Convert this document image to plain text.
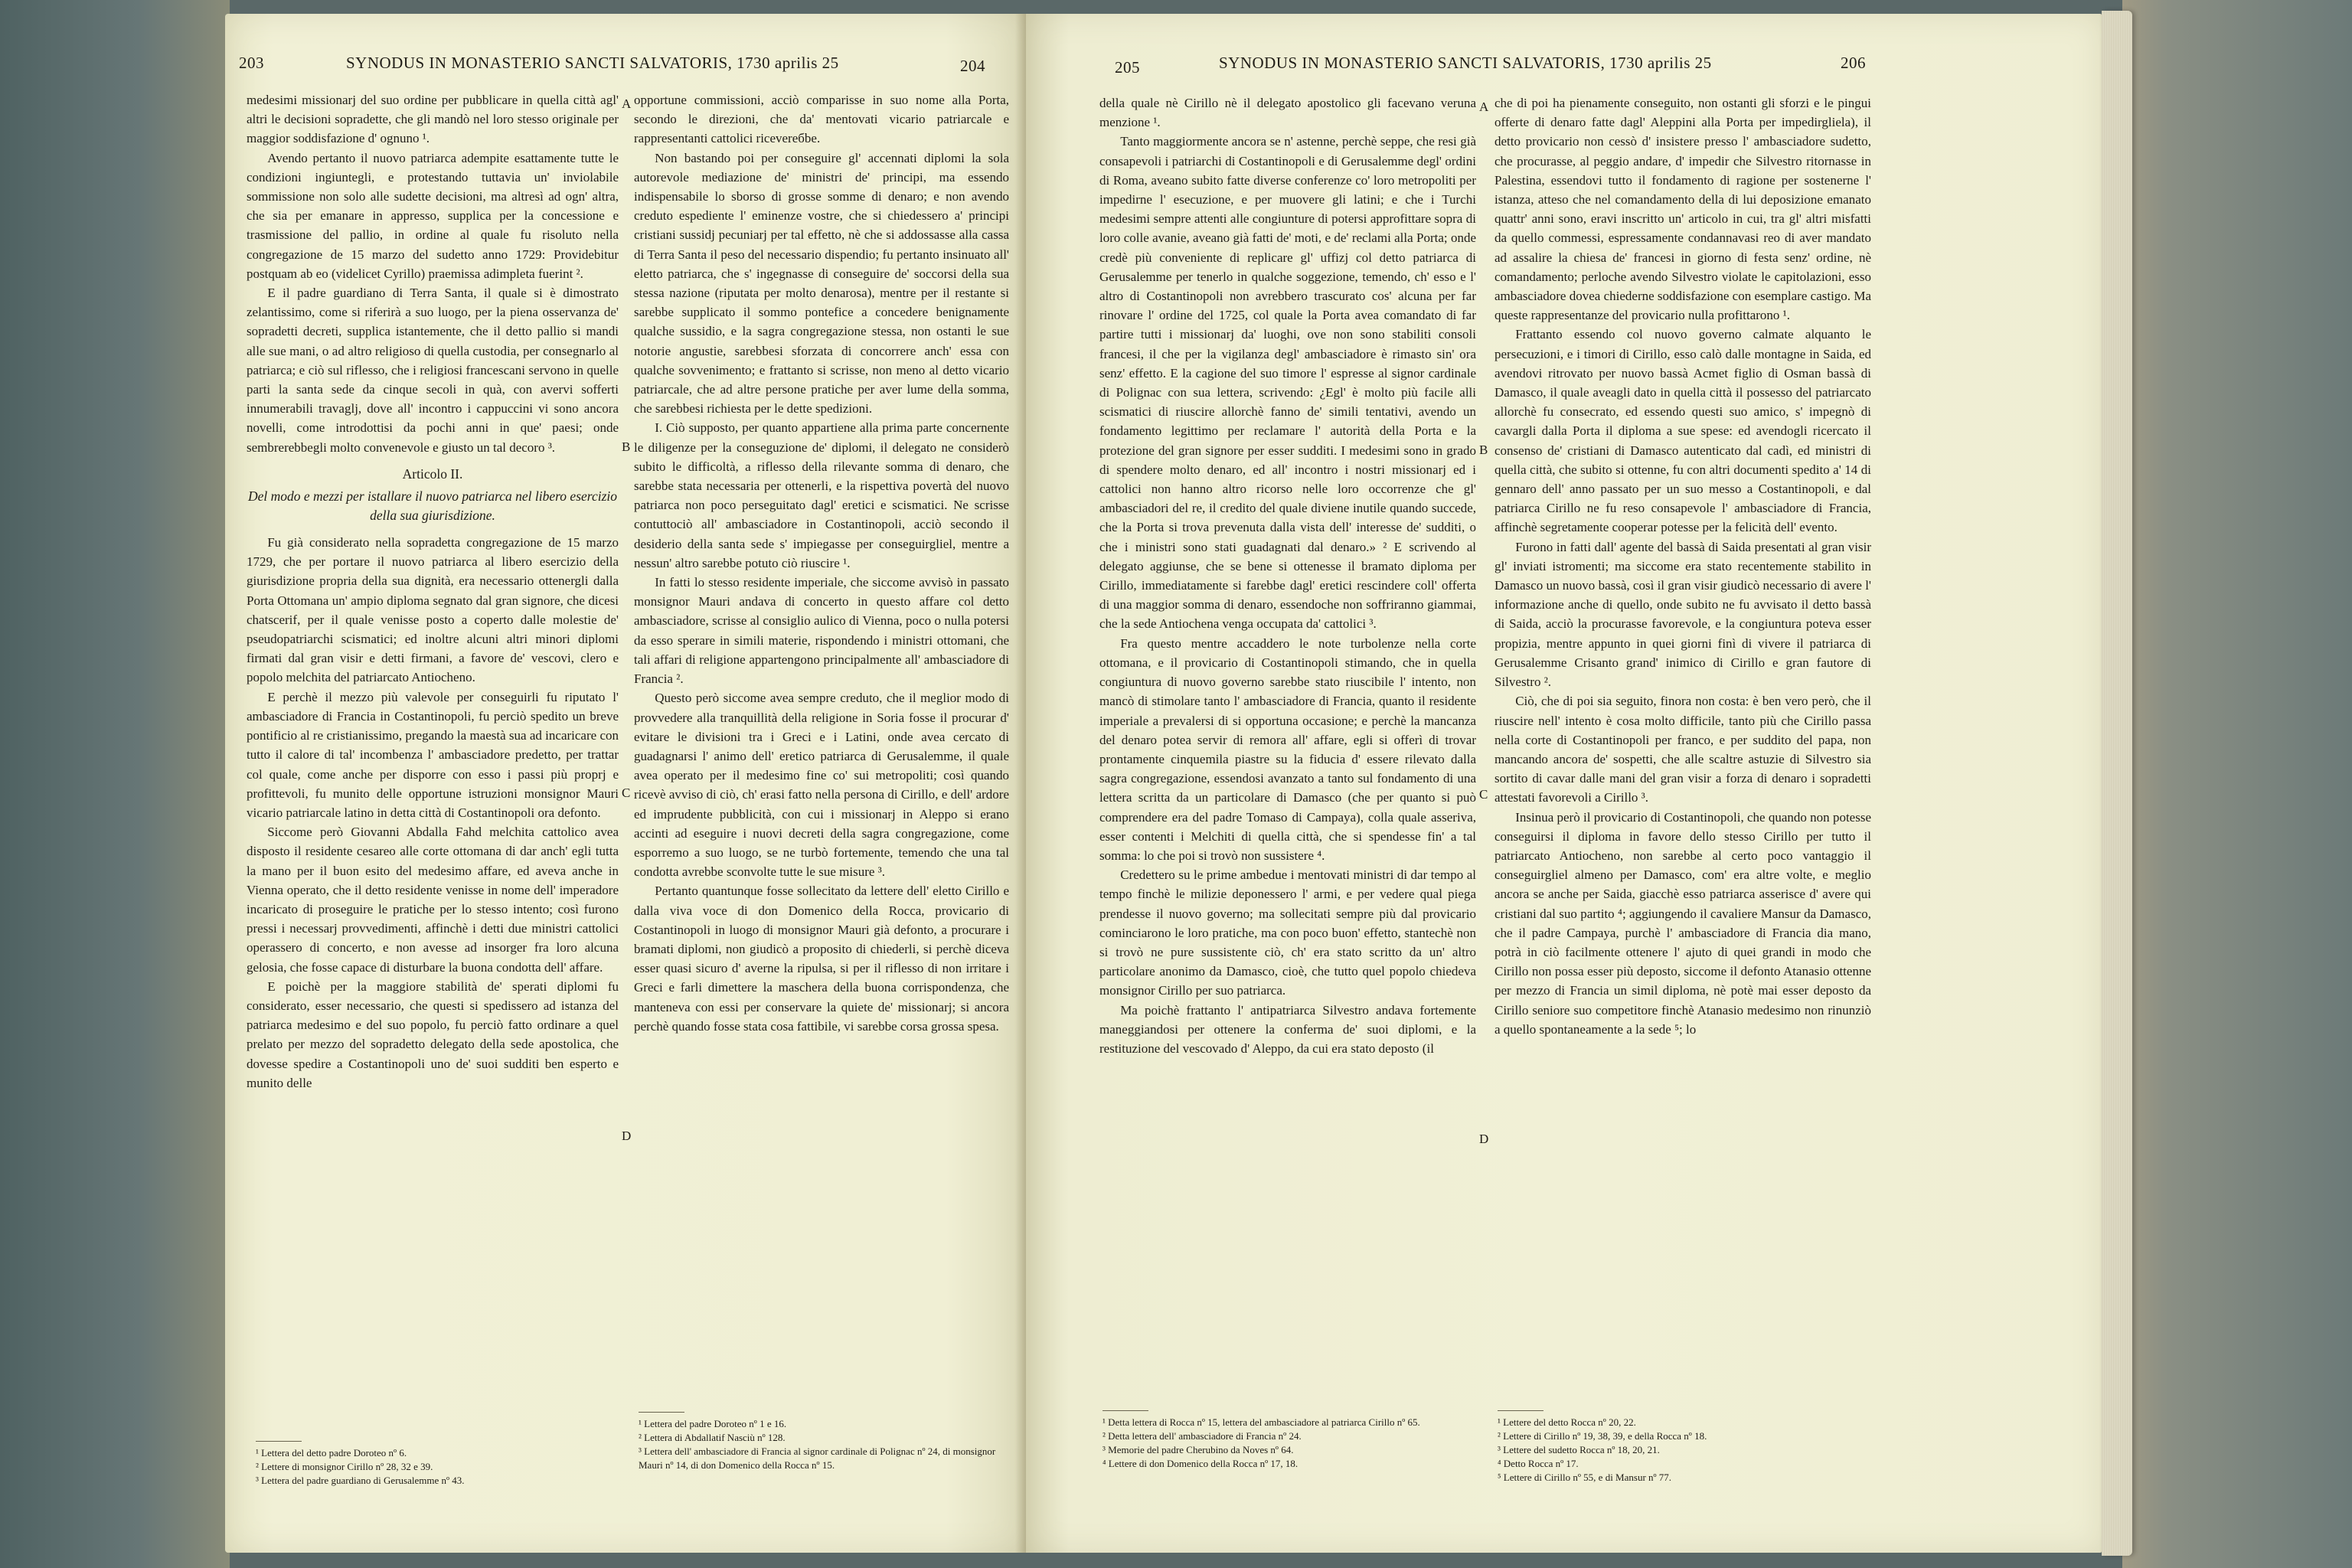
203	SYNODUS IN MONASTERIO SANCTI SALVATORIS, 1730 aprilis 25	204

medesimi missionarj del suo ordine per pubblicare in quella città agl' altri le decisioni sopradette, che gli mandò nel loro stesso originale per maggior soddisfazione d' ognuno ¹.

Avendo pertanto il nuovo patriarca adempite esattamente tutte le condizioni ingiuntegli, e protestando tuttavia un' inviolabile sommissione non solo alle sudette decisioni, ma altresì ad ogn' altra, che sia per emanare in appresso, supplica per la concessione e trasmissione del pallio, in ordine al quale fu risoluto nella congregazione de 15 marzo del sudetto anno 1729: Providebitur postquam ab eo (videlicet Cyrillo) praemissa adimpleta fuerint ².

E il padre guardiano di Terra Santa, il quale si è dimostrato zelantissimo, come si riferirà a suo luogo, per la piena osservanza de' sopradetti decreti, supplica istantemente, che il detto pallio si mandi alle sue mani, o ad altro religioso di quella custodia, per consegnarlo al patriarca; e ciò sul riflesso, che i religiosi francescani servono in quelle parti la santa sede da cinque secoli in quà, con avervi sofferti innumerabili travaglj, dove all' incontro i cappuccini vi sono ancora novelli, come introdottisi da pochi anni in que' paesi; onde sembrerebbegli molto convenevole e giusto un tal decoro ³.

Articolo II.
Del modo e mezzi per istallare il nuovo patriarca nel libero esercizio della sua giurisdizione.

Fu già considerato nella sopradetta congregazione de 15 marzo 1729, che per portare il nuovo patriarca al libero esercizio della giurisdizione propria della sua dignità, era necessario ottenergli dalla Porta Ottomana un' ampio diploma segnato dal gran signore, che dicesi chatscerif, per il quale venisse posto a coperto dalle molestie de' pseudopatriarchi scismatici; ed inoltre alcuni altri minori diplomi firmati dal gran visir e detti firmani, a favore de' vescovi, clero e popolo melchita del patriarcato Antiocheno.

E perchè il mezzo più valevole per conseguirli fu riputato l' ambasciadore di Francia in Costantinopoli, fu perciò spedito un breve pontificio al re cristianissimo, pregando la maestà sua ad incaricare con tutto il calore di tal' incombenza l' ambasciadore predetto, per trattar col quale, come anche per disporre con esso i passi più proprj e profittevoli, fu munito delle opportune istruzioni monsignor Mauri vicario patriarcale latino in detta città di Costantinopoli ora defonto.

Siccome però Giovanni Abdalla Fahd melchita cattolico avea disposto il residente cesareo alle corte ottomana di dar anch' egli tutta la mano per il buon esito del medesimo affare, ed aveva anche in Vienna operato, che il detto residente venisse in nome dell' imperadore incaricato di proseguire le pratiche per lo stesso intento; così furono pressi i necessarj provvedimenti, affinchè i detti due ministri cattolici operassero di concerto, e non avesse ad insorger fra loro alcuna gelosia, che fosse capace di disturbare la buona condotta dell' affare.

E poichè per la maggiore stabilità de' sperati diplomi fu considerato, esser necessario, che questi si spedissero ad istanza del patriarca medesimo e del suo popolo, fu perciò fatto ordinare a quel prelato per mezzo del sopradetto delegato della sede apostolica, che dovesse spedire a Costantinopoli uno de' suoi sudditi ben esperto e munito delle

A
B
C
D

opportune commissioni, acciò comparisse in suo nome alla Porta, secondo le direzioni, che da' mentovati vicario patriarcale e rappresentanti cattolici ricevereбbe.

Non bastando poi per conseguire gl' accennati diplomi la sola autorevole mediazione de' ministri de' principi, ma essendo indispensabile lo sborso di grosse somme di denaro; e non avendo creduto espediente l' eminenze vostre, che si chiedessero a' principi cristiani sussidj pecuniarj per tal effetto, nè che si addossasse alla cassa di Terra Santa il peso del necessario dispendio; fu pertanto insinuato all' eletto patriarca, che s' ingegnasse di conseguire de' soccorsi della sua stessa nazione (riputata per molto denarosa), mentre per il restante si sarebbe supplicato il sommo pontefice a concedere benignamente qualche sussidio, e la sagra congregazione stessa, non ostanti le sue notorie angustie, sarebbesi sforzata di concorrere anch' essa con qualche sovvenimento; e frattanto si scrisse, non meno al detto vicario patriarcale, che ad altre persone pratiche per aver lume della somma, che sarebbesi richiesta per le dette spedizioni.

I. Ciò supposto, per quanto appartiene alla prima parte concernente le diligenze per la conseguzione de' diplomi, il delegato ne considerò subito le difficoltà, a riflesso della rilevante somma di denaro, che sarebbe stata necessaria per ottenerli, e la rispettiva povertà del nuovo patriarca non poco perseguitato dagl' eretici e scismatici. Ne scrisse contuttociò all' ambasciadore in Costantinopoli, acciò secondo il desiderio della santa sede s' impiegasse per conseguirgliel, mentre a nessun' altro sarebbe potuto ciò riuscire ¹.

In fatti lo stesso residente imperiale, che siccome avvisò in passato monsignor Mauri andava di concerto in questo affare col detto ambasciadore, scrisse al consiglio aulico di Vienna, poco o nulla potersi da esso sperare in simili materie, rispondendo i ministri ottomani, che tali affari di religione appartengono principalmente all' ambasciadore di Francia ².

Questo però siccome avea sempre creduto, che il meglior modo di provvedere alla tranquillità della religione in Soria fosse il procurar d' evitare le divisioni tra i Greci e i Latini, onde avea cercato di guadagnarsi l' animo dell' eretico patriarca di Gerusalemme, il quale avea operato per il medesimo fine co' sui metropoliti; così quando ricevè avviso di ciò, ch' erasi fatto nella persona di Cirillo, e dell' ardore ed imprudente pubblicità, con cui i missionarj in Aleppo si erano accinti ad eseguire i nuovi decreti della sagra congregazione, come esporremo a suo luogo, se ne turbò fortemente, temendo che una tal condotta avrebbe sconvolte tutte le sue misure ³.

Pertanto quantunque fosse sollecitato da lettere dell' eletto Cirillo e dalla viva voce di don Domenico della Rocca, provicario di Costantinopoli in luogo di monsignor Mauri già defonto, a procurare i bramati diplomi, non giudicò a proposito di chiederli, si perchè diceva esser quasi sicuro d' averne la ripulsa, si per il riflesso di non irritare i Greci e farli dimettere la maschera della buona corrispondenza, che manteneva con essi per conservare la quiete de' missionarj; si ancora perchè quando fosse stata cosa fattibile, vi sarebbe corsa grossa spesa.

¹ Lettera del detto padre Doroteo nº 6.
² Lettere di monsignor Cirillo nº 28, 32 e 39.
³ Lettera del padre guardiano di Gerusalemme nº 43.
¹ Lettera del padre Doroteo nº 1 e 16.
² Lettera di Abdallatif Nasciù nº 128.
³ Lettera dell' ambasciadore di Francia al signor cardinale di Polignac nº 24, di monsignor Mauri nº 14, di don Domenico della Rocca nº 15.
205	SYNODUS IN MONASTERIO SANCTI SALVATORIS, 1730 aprilis 25	206

della quale nè Cirillo nè il delegato apostolico gli facevano veruna menzione ¹.

Tanto maggiormente ancora se n' astenne, perchè seppe, che resi già consapevoli i patriarchi di Costantinopoli e di Gerusalemme degl' ordini di Roma, aveano subito fatte diverse conferenze co' loro metropoliti per impedirne l' esecuzione, e per muovere gli latini; e che i Turchi medesimi sempre attenti alle congiunture di potersi approfittare sopra di loro colle avanie, aveano già fatti de' moti, e de' reclami alla Porta; onde credè più conveniente di replicare gl' uffizj col detto patriarca di Gerusalemme per tenerlo in qualche soggezione, temendo, ch' esso e l' altro di Costantinopoli non avrebbero trascurato cos' alcuna per far rinovare l' ordine del 1725, col quale la Porta avea comandato di far partire tutti i missionarj da' luoghi, ove non sono stabiliti consoli francesi, il che per la vigilanza degl' ambasciadore è rimasto sin' ora senz' effetto. E la cagione del suo timore l' espresse al signor cardinale di Polignac con sua lettera, scrivendo: ¿Egl' è molto più facile alli scismatici di riuscire allorchè fanno de' simili tentativi, avendo un fondamento legittimo per reclamare l' autorità della Porta e la protezione del gran signore per esser sudditi. I medesimi sono in grado di spendere molto denaro, ed all' incontro i nostri missionarj ed i cattolici non hanno altro ricorso nelle loro occorrenze che gl' ambasciadori del re, il credito del quale diviene inutile quando succede, che la Porta si trova prevenuta dalla vista dell' interesse de' sudditi, o che i ministri sono stati guadagnati dal denaro.» ² E scrivendo al delegato aggiunse, che se bene si ottenesse il bramato diploma per Cirillo, immediatamente si farebbe dagl' eretici rescindere coll' offerta di una maggior somma di denaro, essendoche non soffriranno giammai, che la sede Antiochena venga occupata da' cattolici ³.

Fra questo mentre accaddero le note turbolenze nella corte ottomana, e il provicario di Costantinopoli stimando, che in quella congiuntura di nuovo governo sarebbe stato riuscibile l' intento, non mancò di stimolare tanto l' ambasciadore di Francia, quanto il residente imperiale a prevalersi di si opportuna occasione; e perchè la mancanza del denaro potea servir di remora all' affare, egli si offerì di trovar prontamente cinquemila piastre su la fiducia d' essere rilevato dalla sagra congregazione, essendosi avanzato a tanto sul fondamento di una lettera scritta da un particolare di Damasco (che per quanto si può comprendere era del padre Tomaso di Campaya), colla quale asseriva, esser contenti i Melchiti di quella città, che si spendesse fin' a tal somma: lo che poi si trovò non sussistere ⁴.

Credettero su le prime ambedue i mentovati ministri di dar tempo al tempo finchè le milizie deponessero l' armi, e per vedere qual piega prendesse il nuovo governo; ma sollecitati sempre più dal provicario cominciarono le loro pratiche, ma con poco buon' effetto, stantechè non si trovò ne pure sussistente ciò, ch' era stato scritto da un' altro particolare anonimo da Damasco, cioè, che tutto quel popolo chiedeva monsignor Cirillo per suo patriarca.

Ma poichè frattanto l' antipatriarca Silvestro andava fortemente maneggiandosi per ottenere la conferma de' suoi diplomi, e la restituzione del vescovado d' Aleppo, da cui era stato deposto (il

A
B
C
D

che di poi ha pienamente conseguito, non ostanti gli sforzi e le pingui offerte di denaro fatte dagl' Aleppini alla Porta per impedirgliela), il detto provicario non cessò d' insistere presso l' ambasciadore sudetto, che procurasse, al peggio andare, d' impedir che Silvestro ritornasse in Palestina, essendovi tutto il fondamento di ragione per sostenerne l' istanza, atteso che nel comandamento della di lui deposizione emanato quattr' anni sono, eravi inscritto un' articolo in cui, tra gl' altri misfatti da quello commessi, espressamente condannavasi reo di aver mandato ad assalire la chiesa de' francesi in giorno di festa senz' ordine, nè comandamento; perloche avendo Silvestro violate le capitolazioni, esso ambasciadore dovea chiederne soddisfazione con esemplare castigo. Ma queste rappresentanze del provicario nulla profittarono ¹.

Frattanto essendo col nuovo governo calmate alquanto le persecuzioni, e i timori di Cirillo, esso calò dalle montagne in Saida, ed avendovi ritrovato per nuovo bassà Acmet figlio di Osman bassà di Damasco, il quale aveagli dato in quella città il possesso del patriarcato allorchè fu consecrato, ed essendo questi suo amico, s' impegnò di cavargli dalla Porta il diploma a sue spese: ed avendogli ricercato il consenso de' cristiani di Damasco autenticato dal cadì, ed ministri di quella città, che subito si ottenne, fu con altri documenti spedito a' 14 di gennaro dell' anno passato per un suo messo a Costantinopoli, e dal patriarca Cirillo ne fu reso consapevole l' ambasciadore di Francia, affinchè segretamente cooperar potesse per la felicità dell' evento.

Furono in fatti dall' agente del bassà di Saida presentati al gran visir gl' inviati istromenti; ma siccome era stato recentemente stabilito in Damasco un nuovo bassà, così il gran visir giudicò necessario di avere l' informazione anche di quello, onde subito ne fu avvisato il detto bassà di Saida, acciò la procurasse favorevole, e la congiuntura poteva esser propizia, mentre appunto in quei giorni finì di vivere il patriarca di Gerusalemme Crisanto grand' inimico di Cirillo e gran fautore di Silvestro ².

Ciò, che di poi sia seguito, finora non costa: è ben vero però, che il riuscire nell' intento è cosa molto difficile, tanto più che Cirillo passa nella corte di Costantinopoli per franco, e per suddito del papa, non mancando ancora de' sospetti, che alle scaltre astuzie di Silvestro sia sortito di cavar dalle mani del gran visir a forza di denaro i sopradetti attestati favorevoli a Cirillo ³.

Insinua però il provicario di Costantinopoli, che quando non potesse conseguirsi il diploma in favore dello stesso Cirillo per tutto il patriarcato Antiocheno, non sarebbe al certo poco vantaggio il conseguirgliel almeno per Damasco, com' era altre volte, e meglio ancora se anche per Saida, giacchè esso patriarca asserisce d' avere qui cristiani dal suo partito ⁴; aggiungendo il cavaliere Mansur da Damasco, che il padre Campaya, purchè l' ambasciadore di Francia dia mano, potrà in ciò facilmente ottenere l' ajuto di quei grandi in modo che Cirillo non possa esser più deposto, siccome il defonto Atanasio ottenne per mezzo di Francia un simil diploma, nè potè mai esser deposto da Cirillo seniore suo competitore finchè Atanasio medesimo non rinunziò a quello spontaneamente a la sede ⁵; lo

¹ Detta lettera di Rocca nº 15, lettera del ambasciadore al patriarca Cirillo nº 65.
² Detta lettera dell' ambasciadore di Francia nº 24.
³ Memorie del padre Cherubino da Noves nº 64.
⁴ Lettere di don Domenico della Rocca nº 17, 18.
¹ Lettere del detto Rocca nº 20, 22.
² Lettere di Cirillo nº 19, 38, 39, e della Rocca nº 18.
³ Lettere del sudetto Rocca nº 18, 20, 21.
⁴ Detto Rocca nº 17.
⁵ Lettere di Cirillo nº 55, e di Mansur nº 77.
